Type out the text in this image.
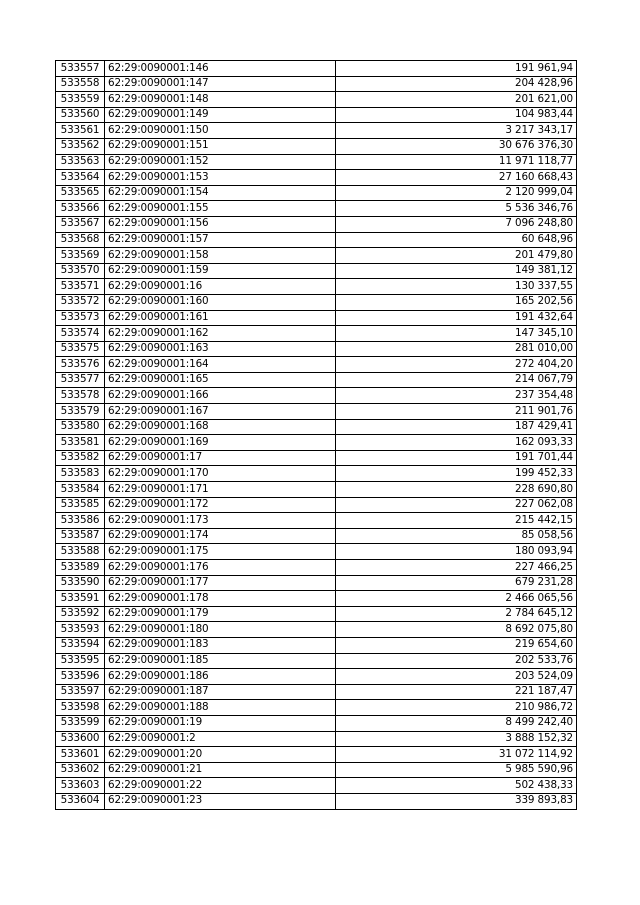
533557	62:29:0090001:146	191 961,94
533558	62:29:0090001:147	204 428,96
533559	62:29:0090001:148	201 621,00
533560	62:29:0090001:149	104 983,44
533561	62:29:0090001:150	3 217 343,17
533562	62:29:0090001:151	30 676 376,30
533563	62:29:0090001:152	11 971 118,77
533564	62:29:0090001:153	27 160 668,43
533565	62:29:0090001:154	2 120 999,04
533566	62:29:0090001:155	5 536 346,76
533567	62:29:0090001:156	7 096 248,80
533568	62:29:0090001:157	60 648,96
533569	62:29:0090001:158	201 479,80
533570	62:29:0090001:159	149 381,12
533571	62:29:0090001:16	130 337,55
533572	62:29:0090001:160	165 202,56
533573	62:29:0090001:161	191 432,64
533574	62:29:0090001:162	147 345,10
533575	62:29:0090001:163	281 010,00
533576	62:29:0090001:164	272 404,20
533577	62:29:0090001:165	214 067,79
533578	62:29:0090001:166	237 354,48
533579	62:29:0090001:167	211 901,76
533580	62:29:0090001:168	187 429,41
533581	62:29:0090001:169	162 093,33
533582	62:29:0090001:17	191 701,44
533583	62:29:0090001:170	199 452,33
533584	62:29:0090001:171	228 690,80
533585	62:29:0090001:172	227 062,08
533586	62:29:0090001:173	215 442,15
533587	62:29:0090001:174	85 058,56
533588	62:29:0090001:175	180 093,94
533589	62:29:0090001:176	227 466,25
533590	62:29:0090001:177	679 231,28
533591	62:29:0090001:178	2 466 065,56
533592	62:29:0090001:179	2 784 645,12
533593	62:29:0090001:180	8 692 075,80
533594	62:29:0090001:183	219 654,60
533595	62:29:0090001:185	202 533,76
533596	62:29:0090001:186	203 524,09
533597	62:29:0090001:187	221 187,47
533598	62:29:0090001:188	210 986,72
533599	62:29:0090001:19	8 499 242,40
533600	62:29:0090001:2	3 888 152,32
533601	62:29:0090001:20	31 072 114,92
533602	62:29:0090001:21	5 985 590,96
533603	62:29:0090001:22	502 438,33
533604	62:29:0090001:23	339 893,83
